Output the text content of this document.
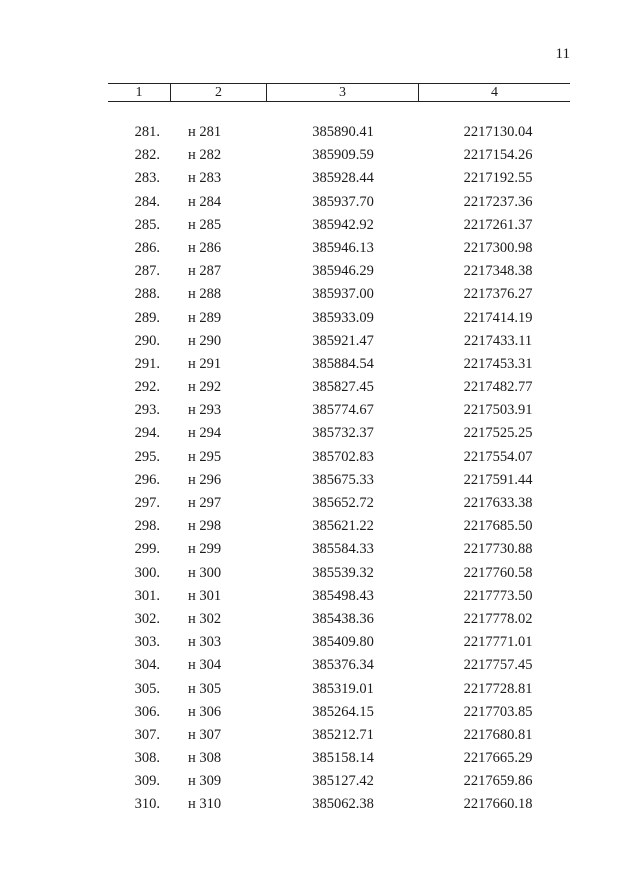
11
1	2	3	4
281. н 281	385890.41	2217130.04
282. н 282	385909.59	2217154.26
283. н 283	385928.44	2217192.55
284. н 284	385937.70	2217237.36
285. н 285	385942.92	2217261.37
286. н 286	385946.13	2217300.98
287. н 287	385946.29	2217348.38
288. н 288	385937.00	2217376.27
289. н 289	385933.09	2217414.19
290. н 290	385921.47	2217433.11
291. н 291	385884.54	2217453.31
292. н 292	385827.45	2217482.77
293. н 293	385774.67	2217503.91
294. н 294	385732.37	2217525.25
295. н 295	385702.83	2217554.07
296. н 296	385675.33	2217591.44
297. н 297	385652.72	2217633.38
298. н 298	385621.22	2217685.50
299. н 299	385584.33	2217730.88
300. н 300	385539.32	2217760.58
301. н 301	385498.43	2217773.50
302. н 302	385438.36	2217778.02
303. н 303	385409.80	2217771.01
304. н 304	385376.34	2217757.45
305. н 305	385319.01	2217728.81
306. н 306	385264.15	2217703.85
307. н 307	385212.71	2217680.81
308. н 308	385158.14	2217665.29
309. н 309	385127.42	2217659.86
310. н 310	385062.38	2217660.18
